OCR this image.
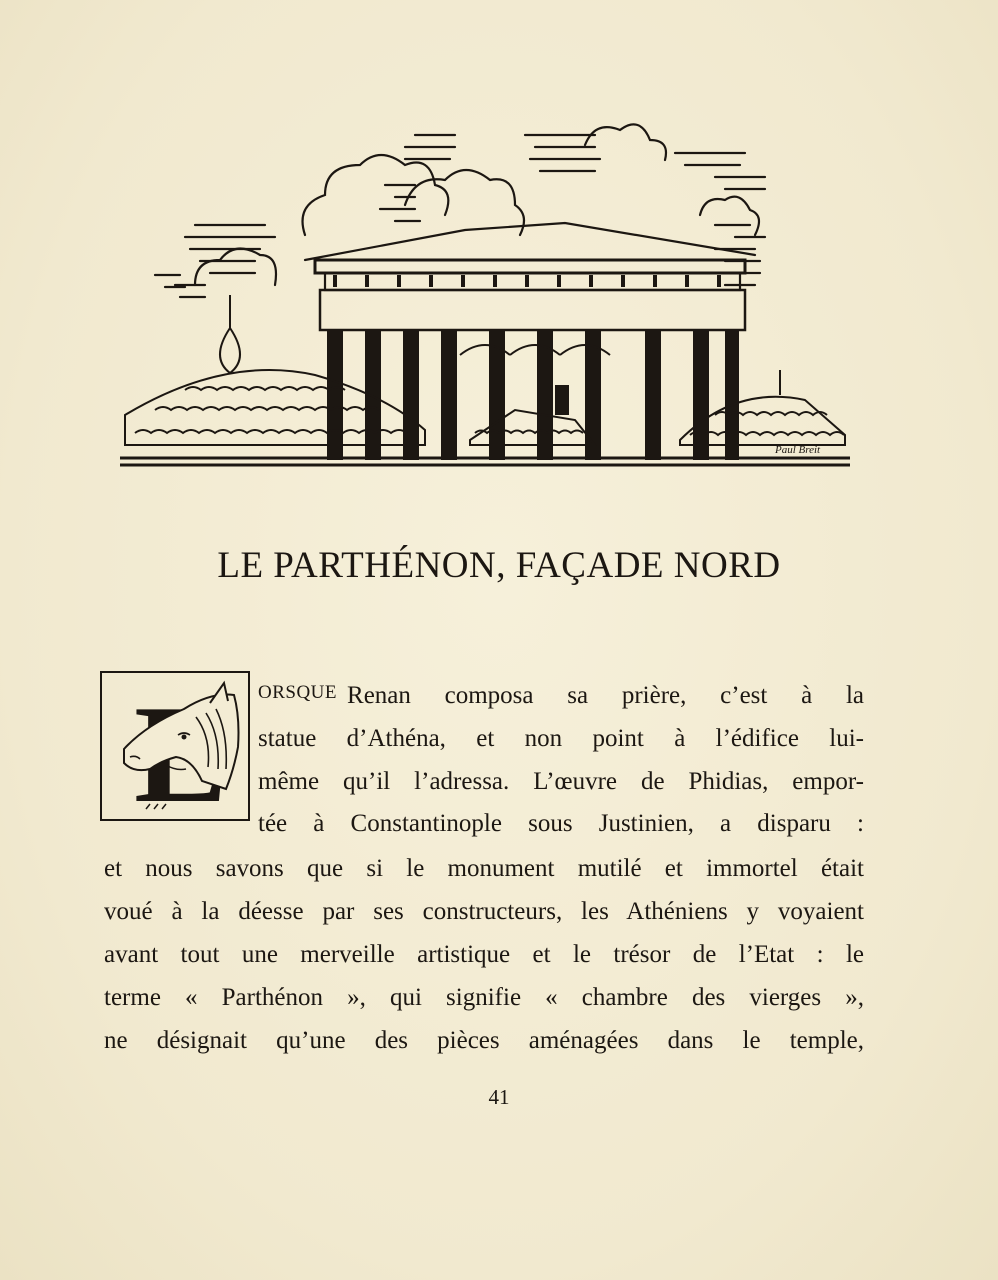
Paul Breit
LE PARTHÉNON, FAÇADE NORD
ORSQUE Renan composa sa prière, c’est à la
statue d’Athéna, et non point à l’édifice lui-
même qu’il l’adressa. L’œuvre de Phidias, empor-
tée à Constantinople sous Justinien, a disparu :
et nous savons que si le monument mutilé et immortel était
voué à la déesse par ses constructeurs, les Athéniens y voyaient
avant tout une merveille artistique et le trésor de l’Etat : le
terme « Parthénon », qui signifie « chambre des vierges »,
ne désignait qu’une des pièces aménagées dans le temple,
41
